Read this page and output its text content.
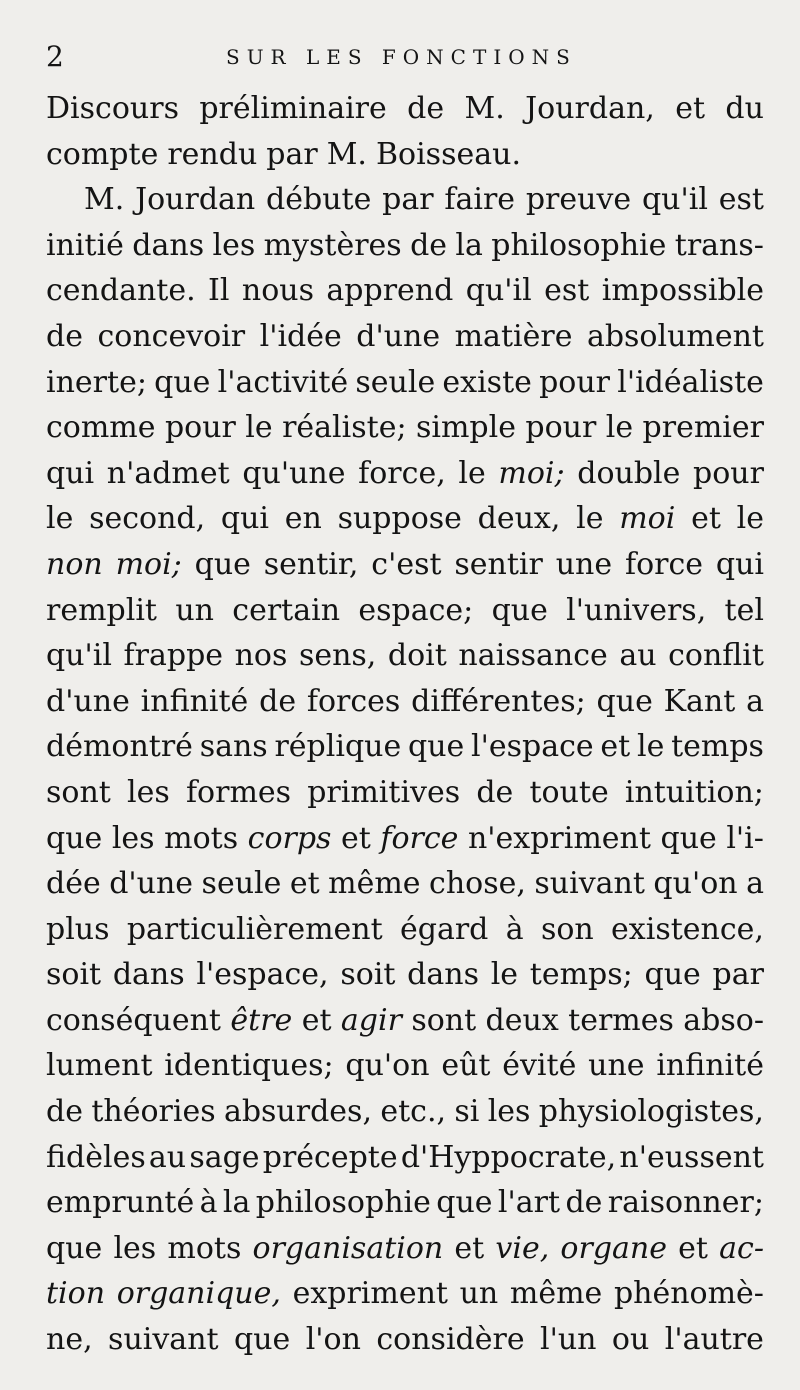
2	SUR LES FONCTIONS
Discours préliminaire de M. Jourdan, et du
compte rendu par M. Boisseau.
M. Jourdan débute par faire preuve qu'il est
initié dans les mystères de la philosophie trans-
cendante. Il nous apprend qu'il est impossible
de concevoir l'idée d'une matière absolument
inerte; que l'activité seule existe pour l'idéaliste
comme pour le réaliste; simple pour le premier
qui n'admet qu'une force, le moi; double pour
le second, qui en suppose deux, le moi et le
non moi; que sentir, c'est sentir une force qui
remplit un certain espace; que l'univers, tel
qu'il frappe nos sens, doit naissance au conflit
d'une infinité de forces différentes; que Kant a
démontré sans réplique que l'espace et le temps
sont les formes primitives de toute intuition;
que les mots corps et force n'expriment que l'i-
dée d'une seule et même chose, suivant qu'on a
plus particulièrement égard à son existence,
soit dans l'espace, soit dans le temps; que par
conséquent être et agir sont deux termes abso-
lument identiques; qu'on eût évité une infinité
de théories absurdes, etc., si les physiologistes,
fidèles au sage précepte d'Hyppocrate, n'eussent
emprunté à la philosophie que l'art de raisonner;
que les mots organisation et vie, organe et ac-
tion organique, expriment un même phénomè-
ne, suivant que l'on considère l'un ou l'autre
